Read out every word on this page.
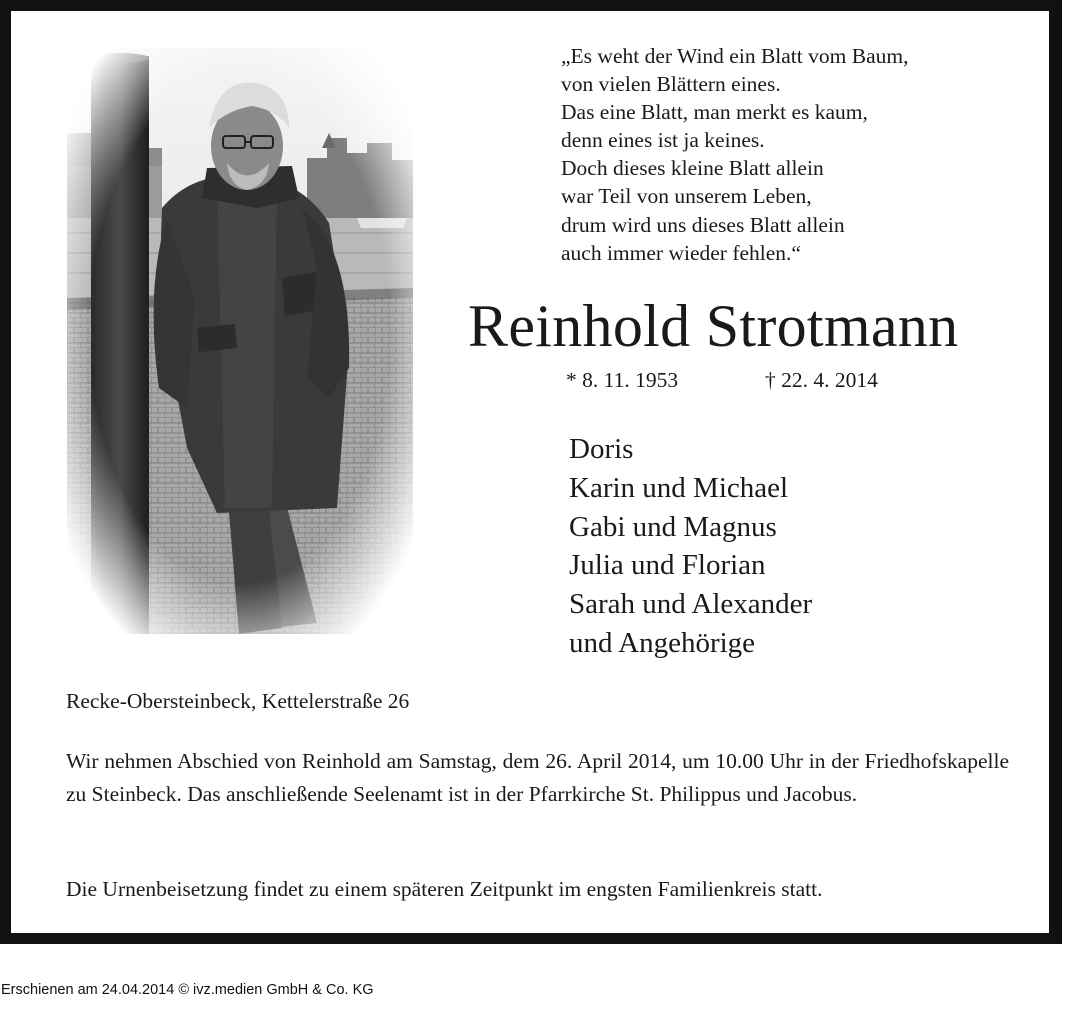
„Es weht der Wind ein Blatt vom Baum,
von vielen Blättern eines.
Das eine Blatt, man merkt es kaum,
denn eines ist ja keines.
Doch dieses kleine Blatt allein
war Teil von unserem Leben,
drum wird uns dieses Blatt allein
auch immer wieder fehlen.“
Reinhold Strotmann
* 8. 11. 1953	† 22. 4. 2014
Doris
Karin und Michael
Gabi und Magnus
Julia und Florian
Sarah und Alexander
und Angehörige
Recke-Obersteinbeck, Kettelerstraße 26
Wir nehmen Abschied von Reinhold am Samstag, dem 26. April 2014, um 10.00 Uhr in der Friedhofskapelle zu Steinbeck. Das anschließende Seelenamt ist in der Pfarrkirche St. Philippus und Jacobus.
Die Urnenbeisetzung findet zu einem späteren Zeitpunkt im engsten Familienkreis statt.
Erschienen am 24.04.2014 © ivz.medien GmbH & Co. KG
